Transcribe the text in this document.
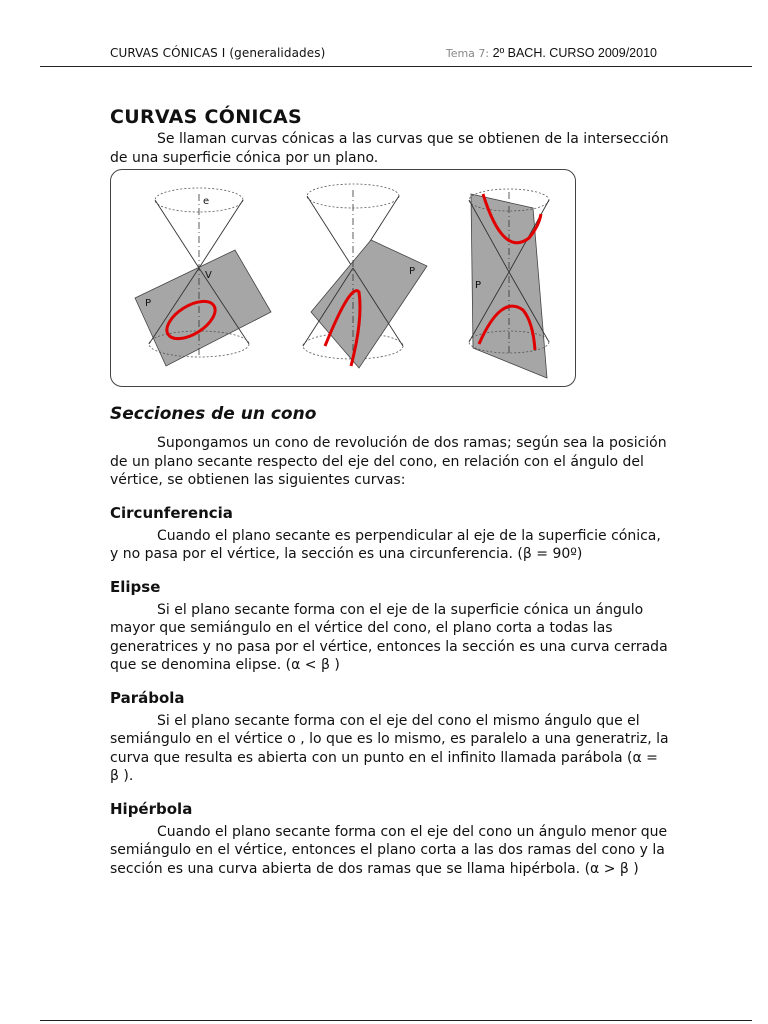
CURVAS CÓNICAS I (generalidades)	Tema 7: 2º BACH. CURSO 2009/2010
CURVAS CÓNICAS

Se llaman curvas cónicas a las curvas que se obtienen de la intersección de una superficie cónica por un plano.

e
V
P
P
P
Secciones de un cono

Supongamos un cono de revolución de dos ramas; según sea la posición de un plano secante respecto del eje del cono, en relación con el ángulo del vértice, se obtienen las siguientes curvas:

Circunferencia

Cuando el plano secante es perpendicular al eje de la superficie cónica, y no pasa por el vértice, la sección es una circunferencia. (β = 90º)

Elipse

Si el plano secante forma con el eje de la superficie cónica un ángulo mayor que semiángulo en el vértice del cono, el plano corta a todas las generatrices y no pasa por el vértice, entonces la sección es una curva cerrada que se denomina elipse. (α < β )

Parábola

Si el plano secante forma con el eje del cono el mismo ángulo que el semiángulo en el vértice o , lo que es lo mismo, es paralelo a una generatriz, la curva que resulta es abierta con un punto en el infinito llamada parábola (α = β ).

Hipérbola

Cuando el plano secante forma con el eje del cono un ángulo menor que semiángulo en el vértice, entonces el plano corta a las dos ramas del cono y la sección es una curva abierta de dos ramas que se llama hipérbola. (α > β )
